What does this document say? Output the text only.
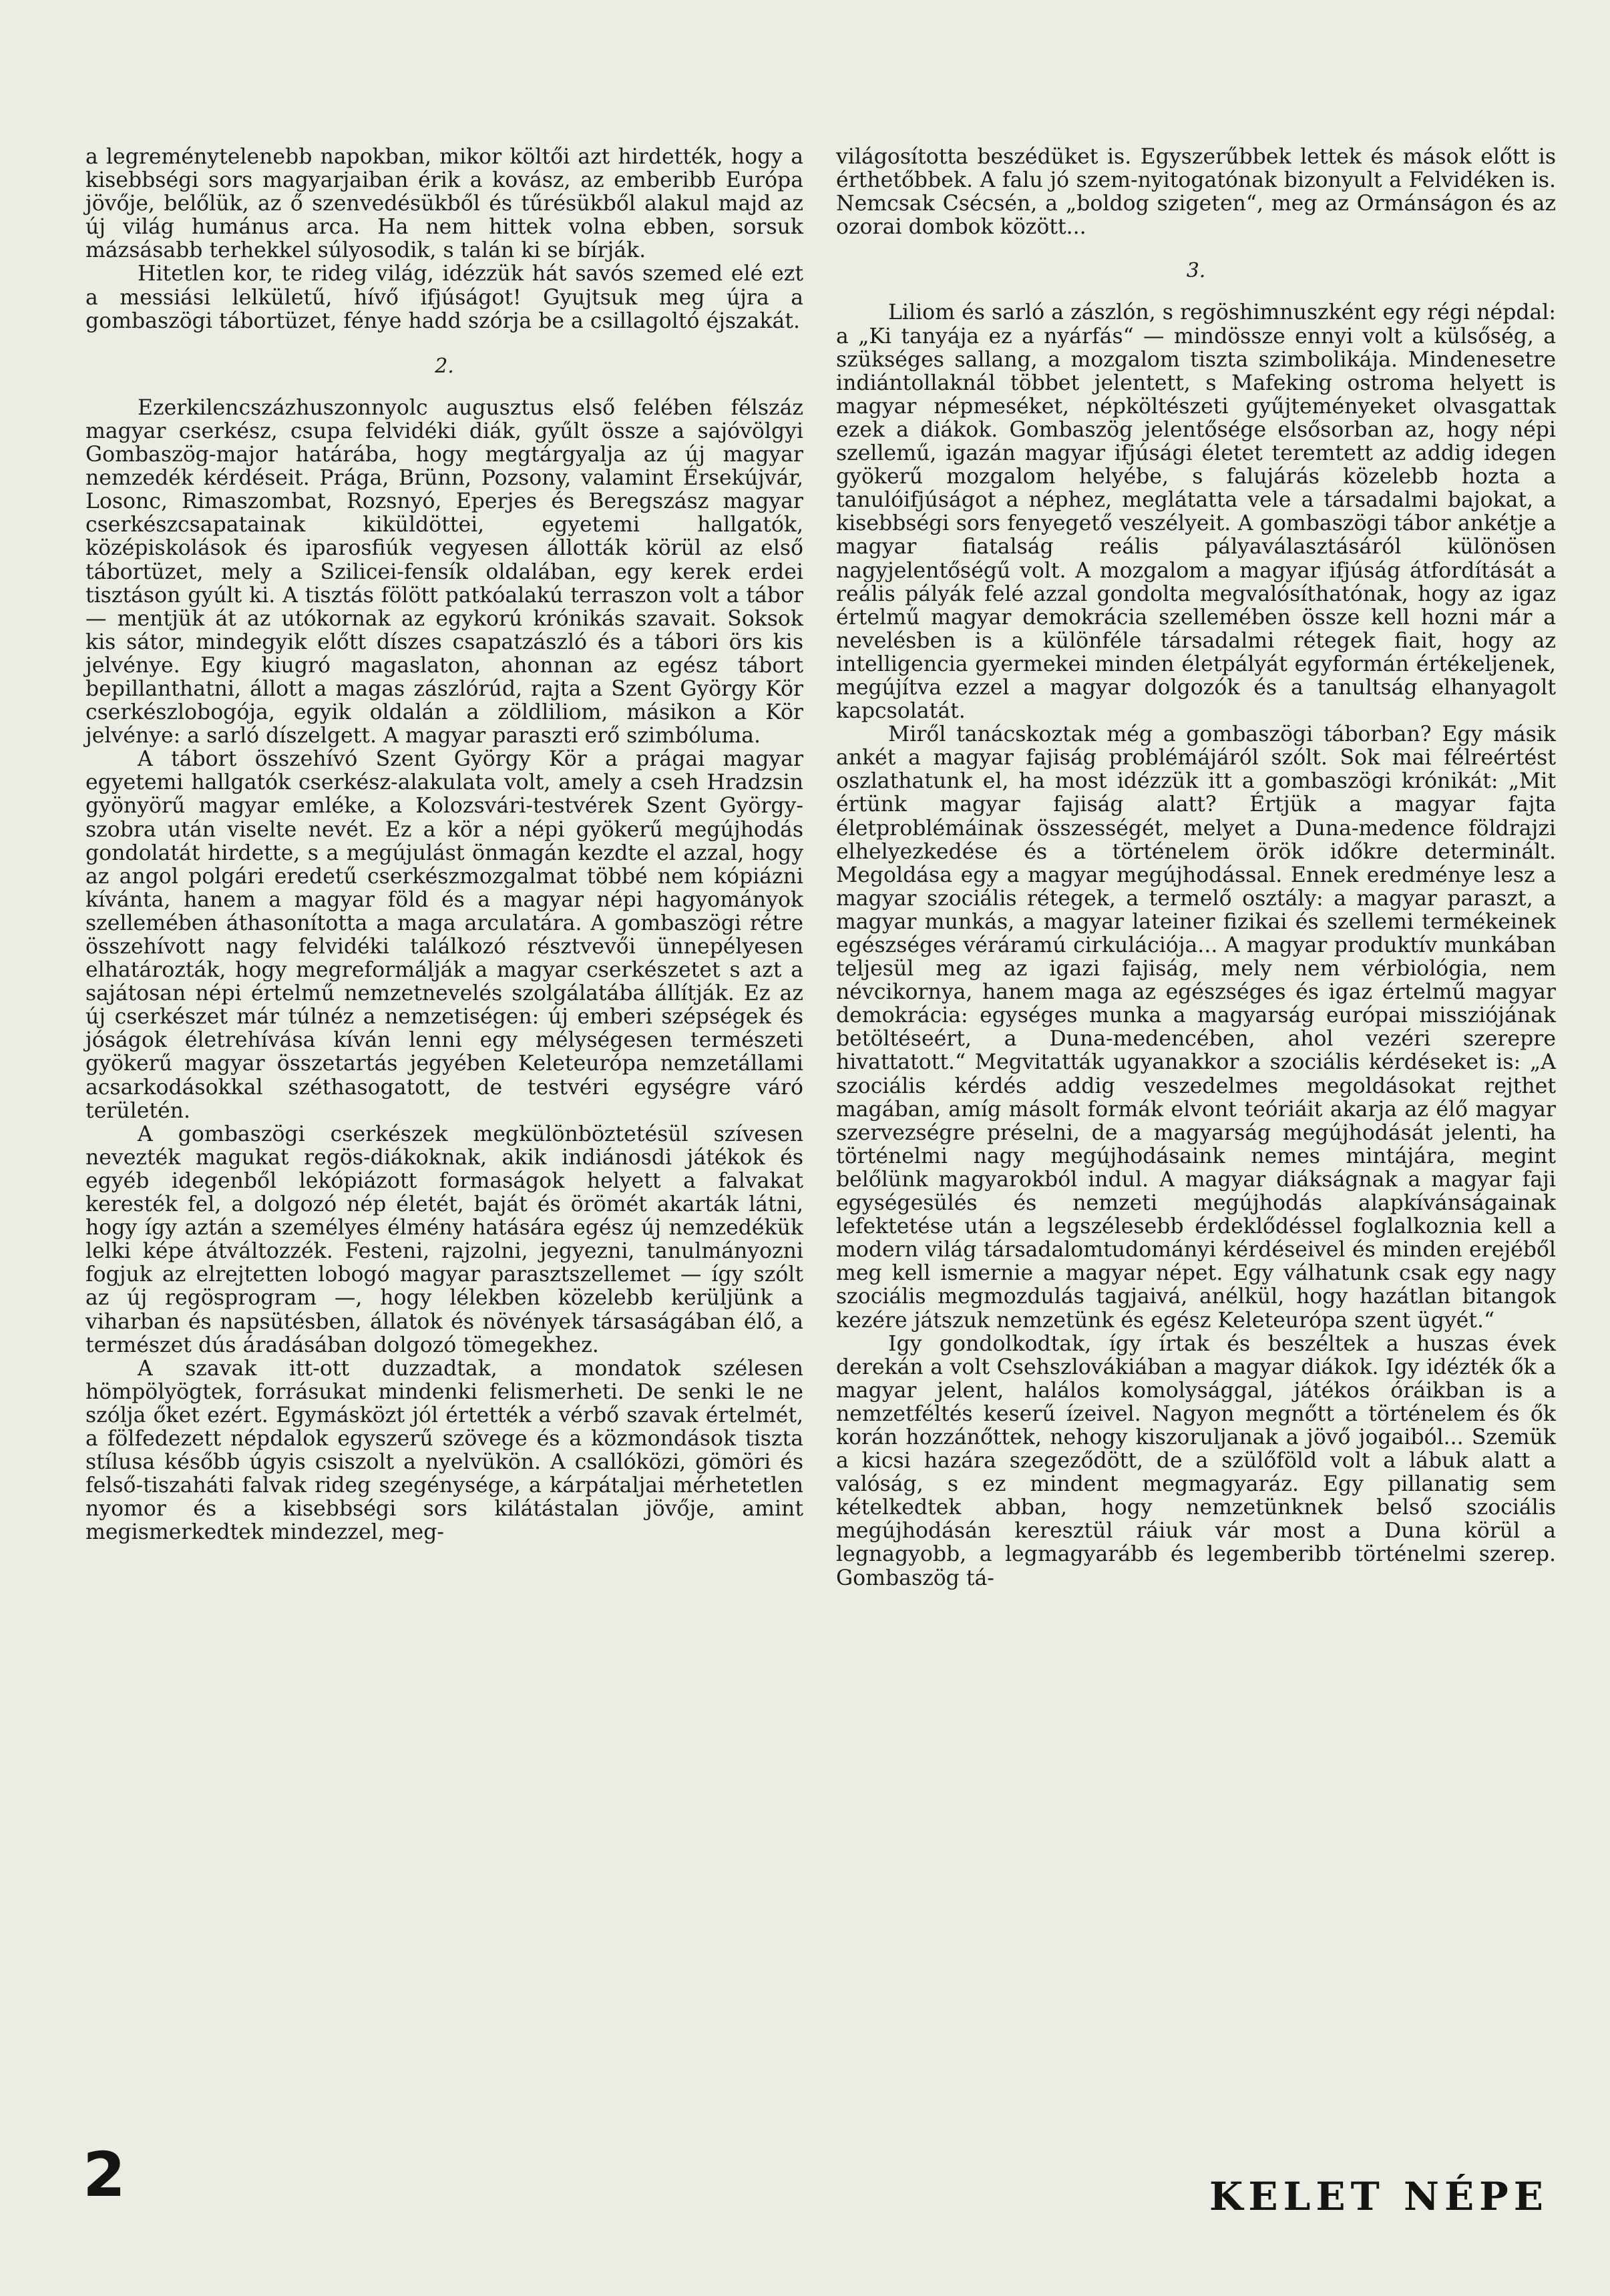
a legreménytelenebb napokban, mikor költői azt hirdették, hogy a kisebbségi sors magyarjaiban érik a kovász, az emberibb Európa jövője, belőlük, az ő szenvedésükből és tűrésükből alakul majd az új világ humánus arca. Ha nem hittek volna ebben, sorsuk mázsásabb terhekkel súlyosodik, s talán ki se bírják.

Hitetlen kor, te rideg világ, idézzük hát savós szemed elé ezt a messiási lelkületű, hívő ifjúságot! Gyujtsuk meg újra a gombaszögi tábortüzet, fénye hadd szórja be a csillagoltó éjszakát.

2.

Ezerkilencszázhuszonnyolc augusztus első felében félszáz magyar cserkész, csupa felvidéki diák, gyűlt össze a sajóvölgyi Gombaszög-major határába, hogy megtárgyalja az új magyar nemzedék kérdéseit. Prága, Brünn, Pozsony, valamint Érsekújvár, Losonc, Rimaszombat, Rozsnyó, Eperjes és Beregszász magyar cserkészcsapatainak kiküldöttei, egyetemi hallgatók, középiskolások és iparosfiúk vegyesen állották körül az első tábortüzet, mely a Szilicei-fensík oldalában, egy kerek erdei tisztáson gyúlt ki. A tisztás fölött patkóalakú terraszon volt a tábor — mentjük át az utókornak az egykorú krónikás szavait. Soksok kis sátor, mindegyik előtt díszes csapatzászló és a tábori örs kis jelvénye. Egy kiugró magaslaton, ahonnan az egész tábort bepillanthatni, állott a magas zászlórúd, rajta a Szent György Kör cserkészlobogója, egyik oldalán a zöldliliom, másikon a Kör jelvénye: a sarló díszelgett. A magyar paraszti erő szimbóluma.

A tábort összehívó Szent György Kör a prágai magyar egyetemi hallgatók cserkész-alakulata volt, amely a cseh Hradzsin gyönyörű magyar emléke, a Kolozsvári-testvérek Szent György-szobra után viselte nevét. Ez a kör a népi gyökerű megújhodás gondolatát hirdette, s a megújulást önmagán kezdte el azzal, hogy az angol polgári eredetű cserkészmozgalmat többé nem kópiázni kívánta, hanem a magyar föld és a magyar népi hagyományok szellemében áthasonította a maga arculatára. A gombaszögi rétre összehívott nagy felvidéki találkozó résztvevői ünnepélyesen elhatározták, hogy megreformálják a magyar cserkészetet s azt a sajátosan népi értelmű nemzetnevelés szolgálatába állítják. Ez az új cserkészet már túlnéz a nemzetiségen: új emberi szépségek és jóságok életrehívása kíván lenni egy mélységesen természeti gyökerű magyar összetartás jegyében Keleteurópa nemzetállami acsarkodásokkal széthasogatott, de testvéri egységre váró területén.

A gombaszögi cserkészek megkülönböztetésül szívesen nevezték magukat regös-diákoknak, akik indiánosdi játékok és egyéb idegenből lekópiázott formaságok helyett a falvakat keresték fel, a dolgozó nép életét, baját és örömét akarták látni, hogy így aztán a személyes élmény hatására egész új nemzedékük lelki képe átváltozzék. Festeni, rajzolni, jegyezni, tanulmányozni fogjuk az elrejtetten lobogó magyar parasztszellemet — így szólt az új regösprogram —, hogy lélekben közelebb kerüljünk a viharban és napsütésben, állatok és növények társaságában élő, a természet dús áradásában dolgozó tömegekhez.

A szavak itt-ott duzzadtak, a mondatok szélesen hömpölyögtek, forrásukat mindenki felismerheti. De senki le ne szólja őket ezért. Egymásközt jól értették a vérbő szavak értelmét, a fölfedezett népdalok egyszerű szövege és a közmondások tiszta stílusa később úgyis csiszolt a nyelvükön. A csallóközi, gömöri és felső-tiszaháti falvak rideg szegénysége, a kárpátaljai mérhetetlen nyomor és a kisebbségi sors kilátástalan jövője, amint megismerkedtek mindezzel, meg-

világosította beszédüket is. Egyszerűbbek lettek és mások előtt is érthetőbbek. A falu jó szem-nyitogatónak bizonyult a Felvidéken is. Nemcsak Csécsén, a „boldog szigeten“, meg az Ormánságon és az ozorai dombok között...

3.

Liliom és sarló a zászlón, s regöshimnuszként egy régi népdal: a „Ki tanyája ez a nyárfás“ — mindössze ennyi volt a külsőség, a szükséges sallang, a mozgalom tiszta szimbolikája. Mindenesetre indiántollaknál többet jelentett, s Mafeking ostroma helyett is magyar népmeséket, népköltészeti gyűjteményeket olvasgattak ezek a diákok. Gombaszög jelentősége elsősorban az, hogy népi szellemű, igazán magyar ifjúsági életet teremtett az addig idegen gyökerű mozgalom helyébe, s falujárás közelebb hozta a tanulóifjúságot a néphez, meglátatta vele a társadalmi bajokat, a kisebbségi sors fenyegető veszélyeit. A gombaszögi tábor ankétje a magyar fiatalság reális pályaválasztásáról különösen nagyjelentőségű volt. A mozgalom a magyar ifjúság átfordítását a reális pályák felé azzal gondolta megvalósíthatónak, hogy az igaz értelmű magyar demokrácia szellemében össze kell hozni már a nevelésben is a különféle társadalmi rétegek fiait, hogy az intelligencia gyermekei minden életpályát egyformán értékeljenek, megújítva ezzel a magyar dolgozók és a tanultság elhanyagolt kapcsolatát.

Miről tanácskoztak még a gombaszögi táborban? Egy másik ankét a magyar fajiság problémájáról szólt. Sok mai félreértést oszlathatunk el, ha most idézzük itt a gombaszögi krónikát: „Mit értünk magyar fajiság alatt? Értjük a magyar fajta életproblémáinak összességét, melyet a Duna-medence földrajzi elhelyezkedése és a történelem örök időkre determinált. Megoldása egy a magyar megújhodással. Ennek eredménye lesz a magyar szociális rétegek, a termelő osztály: a magyar paraszt, a magyar munkás, a magyar lateiner fizikai és szellemi termékeinek egészséges véráramú cirkulációja... A magyar produktív munkában teljesül meg az igazi fajiság, mely nem vérbiológia, nem névcikornya, hanem maga az egészséges és igaz értelmű magyar demokrácia: egységes munka a magyarság európai missziójának betöltéseért, a Duna-medencében, ahol vezéri szerepre hivattatott.“ Megvitatták ugyanakkor a szociális kérdéseket is: „A szociális kérdés addig veszedelmes megoldásokat rejthet magában, amíg másolt formák elvont teóriáit akarja az élő magyar szervezségre préselni, de a magyarság megújhodását jelenti, ha történelmi nagy megújhodásaink nemes mintájára, megint belőlünk magyarokból indul. A magyar diákságnak a magyar faji egységesülés és nemzeti megújhodás alapkívánságainak lefektetése után a legszélesebb érdeklődéssel foglalkoznia kell a modern világ társadalomtudományi kérdéseivel és minden erejéből meg kell ismernie a magyar népet. Egy válhatunk csak egy nagy szociális megmozdulás tagjaivá, anélkül, hogy hazátlan bitangok kezére játszuk nemzetünk és egész Keleteurópa szent ügyét.“

Igy gondolkodtak, így írtak és beszéltek a huszas évek derekán a volt Csehszlovákiában a magyar diákok. Igy idézték ők a magyar jelent, halálos komolysággal, játékos óráikban is a nemzetféltés keserű ízeivel. Nagyon megnőtt a történelem és ők korán hozzánőttek, nehogy kiszoruljanak a jövő jogaiból... Szemük a kicsi hazára szegeződött, de a szülőföld volt a lábuk alatt a valóság, s ez mindent megmagyaráz. Egy pillanatig sem kételkedtek abban, hogy nemzetünknek belső szociális megújhodásán keresztül ráiuk vár most a Duna körül a legnagyobb, a legmagyarább és legemberibb történelmi szerep. Gombaszög tá-

2	KELET NÉPE
